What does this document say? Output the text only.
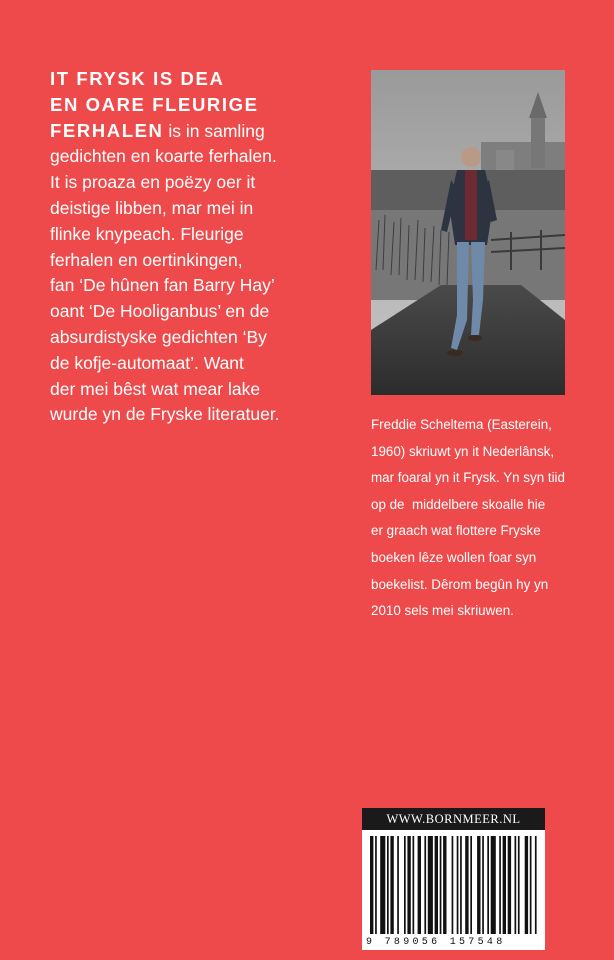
IT FRYSK IS DEA
EN OARE FLEURIGE
FERHALEN is in samling
gedichten en koarte ferhalen.
It is proaza en poëzy oer it
deistige libben, mar mei in
flinke knypeach. Fleurige
ferhalen en oertinkingen,
fan ‘De hûnen fan Barry Hay’
oant ‘De Hooliganbus’ en de
absurdistyske gedichten ‘By
de kofje-automaat’. Want
der mei bêst wat mear lake
wurde yn de Fryske literatuer.
Freddie Scheltema (Easterein,
1960) skriuwt yn it Nederlânsk,
mar foaral yn it Frysk. Yn syn tiid
op de  middelbere skoalle hie
er graach wat flottere Fryske
boeken lêze wollen foar syn
boekelist. Dêrom begûn hy yn
2010 sels mei skriuwen.
WWW.BORNMEER.NL
9 789056 157548
